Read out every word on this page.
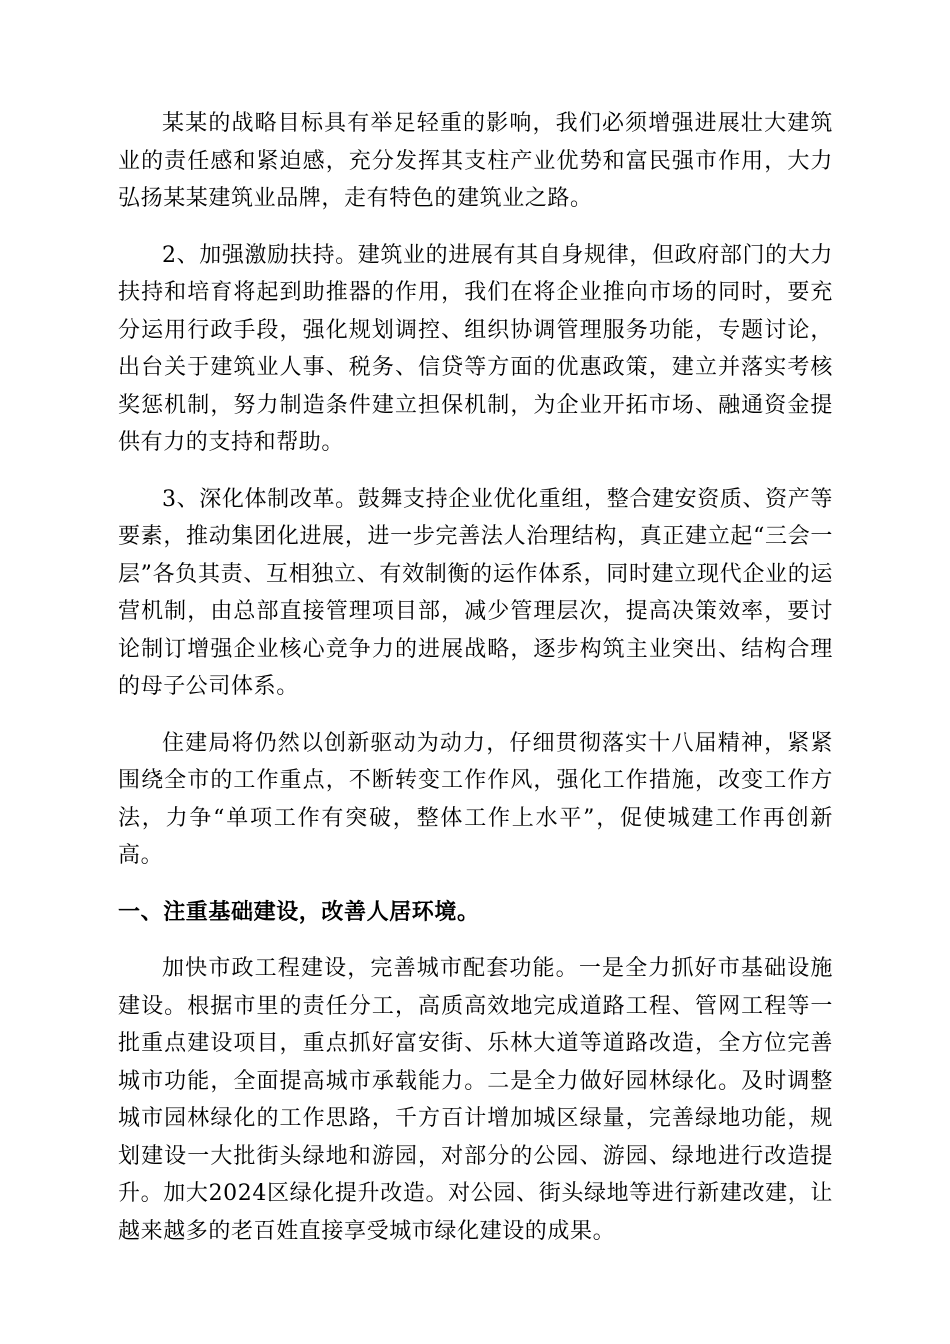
某某的战略目标具有举足轻重的影响，我们必须增强进展壮大建筑业的责任感和紧迫感，充分发挥其支柱产业优势和富民强市作用，大力弘扬某某建筑业品牌，走有特色的建筑业之路。

2、加强激励扶持。建筑业的进展有其自身规律，但政府部门的大力扶持和培育将起到助推器的作用，我们在将企业推向市场的同时，要充分运用行政手段，强化规划调控、组织协调管理服务功能，专题讨论，出台关于建筑业人事、税务、信贷等方面的优惠政策，建立并落实考核奖惩机制，努力制造条件建立担保机制，为企业开拓市场、融通资金提供有力的支持和帮助。

3、深化体制改革。鼓舞支持企业优化重组，整合建安资质、资产等要素，推动集团化进展，进一步完善法人治理结构，真正建立起“三会一层”各负其责、互相独立、有效制衡的运作体系，同时建立现代企业的运营机制，由总部直接管理项目部，减少管理层次，提高决策效率，要讨论制订增强企业核心竞争力的进展战略，逐步构筑主业突出、结构合理的母子公司体系。

住建局将仍然以创新驱动为动力，仔细贯彻落实十八届精神，紧紧围绕全市的工作重点，不断转变工作作风，强化工作措施，改变工作方法，力争“单项工作有突破，整体工作上水平”，促使城建工作再创新高。

一、注重基础建设，改善人居环境。

加快市政工程建设，完善城市配套功能。一是全力抓好市基础设施建设。根据市里的责任分工，高质高效地完成道路工程、管网工程等一批重点建设项目，重点抓好富安街、乐林大道等道路改造，全方位完善城市功能，全面提高城市承载能力。二是全力做好园林绿化。及时调整城市园林绿化的工作思路，千方百计增加城区绿量，完善绿地功能，规划建设一大批街头绿地和游园，对部分的公园、游园、绿地进行改造提升。加大2024区绿化提升改造。对公园、街头绿地等进行新建改建，让越来越多的老百姓直接享受城市绿化建设的成果。
